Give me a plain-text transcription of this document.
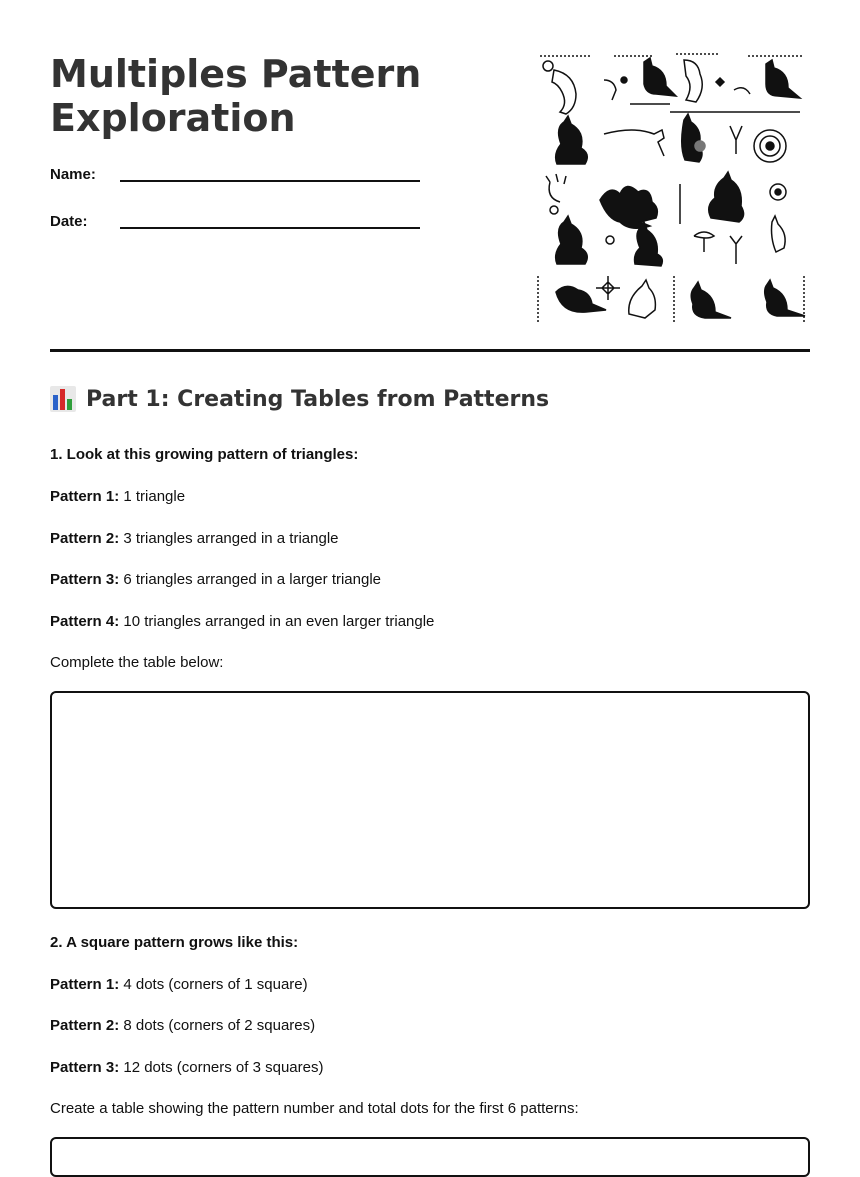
Multiples Pattern Exploration
Name:
Date:
Part 1: Creating Tables from Patterns
1. Look at this growing pattern of triangles:
Pattern 1: 1 triangle
Pattern 2: 3 triangles arranged in a triangle
Pattern 3: 6 triangles arranged in a larger triangle
Pattern 4: 10 triangles arranged in an even larger triangle
Complete the table below:
2. A square pattern grows like this:
Pattern 1: 4 dots (corners of 1 square)
Pattern 2: 8 dots (corners of 2 squares)
Pattern 3: 12 dots (corners of 3 squares)
Create a table showing the pattern number and total dots for the first 6 patterns:
